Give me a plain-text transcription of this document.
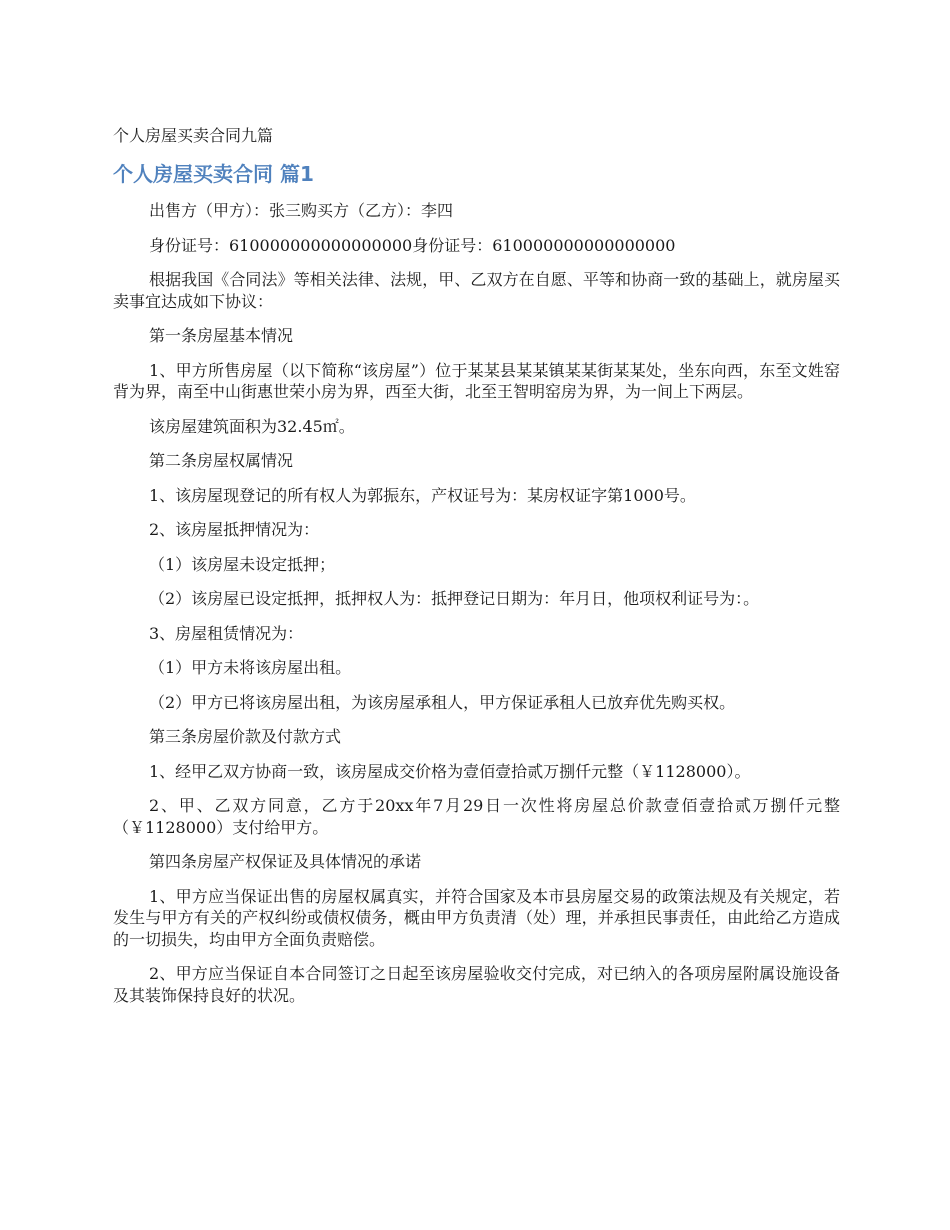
个人房屋买卖合同九篇
个人房屋买卖合同 篇1

出售方（甲方）：张三购买方（乙方）：李四

身份证号：610000000000000000身份证号：610000000000000000

根据我国《合同法》等相关法律、法规，甲、乙双方在自愿、平等和协商一致的基础上，就房屋买卖事宜达成如下协议：

第一条房屋基本情况

1、甲方所售房屋（以下简称“该房屋”）位于某某县某某镇某某街某某处，坐东向西，东至文姓窑背为界，南至中山街惠世荣小房为界，西至大街，北至王智明窑房为界，为一间上下两层。

该房屋建筑面积为32.45㎡。

第二条房屋权属情况

1、该房屋现登记的所有权人为郭振东，产权证号为：某房权证字第1000号。

2、该房屋抵押情况为：

（1）该房屋未设定抵押；

（2）该房屋已设定抵押，抵押权人为：抵押登记日期为：年月日，他项权利证号为：。

3、房屋租赁情况为：

（1）甲方未将该房屋出租。

（2）甲方已将该房屋出租，为该房屋承租人，甲方保证承租人已放弃优先购买权。

第三条房屋价款及付款方式

1、经甲乙双方协商一致，该房屋成交价格为壹佰壹拾贰万捌仟元整（￥1128000）。

2、甲、乙双方同意，乙方于20xx年7月29日一次性将房屋总价款壹佰壹拾贰万捌仟元整（￥1128000）支付给甲方。

第四条房屋产权保证及具体情况的承诺

1、甲方应当保证出售的房屋权属真实，并符合国家及本市县房屋交易的政策法规及有关规定，若发生与甲方有关的产权纠纷或债权债务，概由甲方负责清（处）理，并承担民事责任，由此给乙方造成的一切损失，均由甲方全面负责赔偿。

2、甲方应当保证自本合同签订之日起至该房屋验收交付完成，对已纳入的各项房屋附属设施设备及其装饰保持良好的状况。
